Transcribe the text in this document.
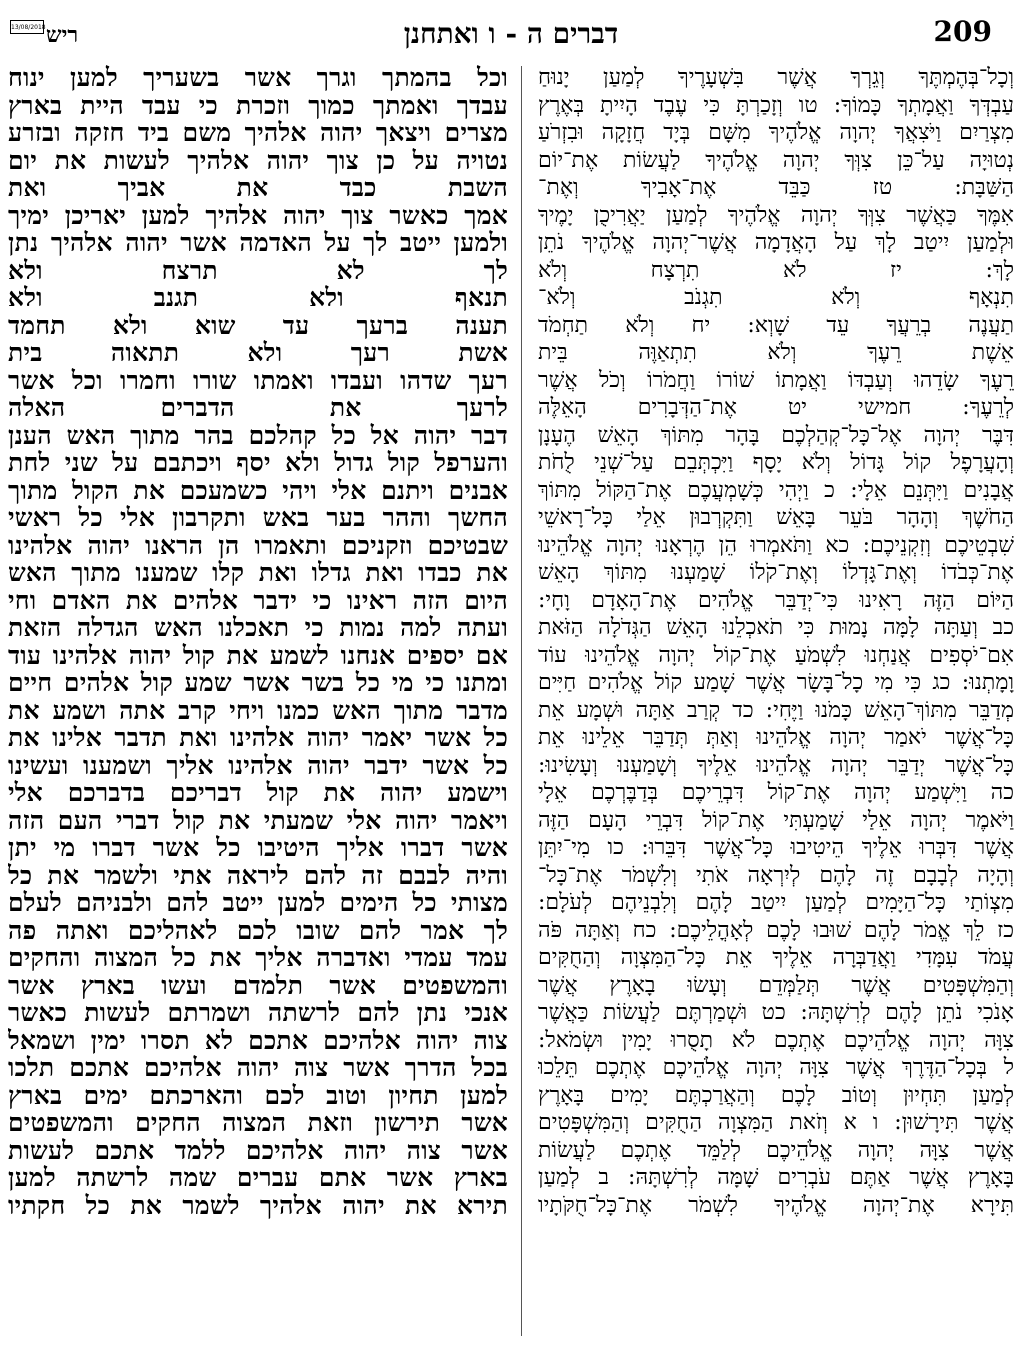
13/08/2018 ריש	דברים ה - ו ואתחנן	209
וכל בהמתך וגרך אשר בשעריך למען ינוח
עבדך ואמתך כמוך וזכרת כי עבד היית בארץ
מצרים ויצאך יהוה אלהיך משם ביד חזקה ובזרע
נטויה על כן צוך יהוה אלהיך לעשות את יום
השבת כבד את אביך ואת
אמך כאשר צוך יהוה אלהיך למען יאריכן ימיך
ולמען ייטב לך על האדמה אשר יהוה אלהיך נתן
לך לא תרצח ולא
תנאף ולא תגנב ולא
תענה ברעך עד שוא ולא תחמד
אשת רעך ולא תתאוה בית
רעך שדהו ועבדו ואמתו שורו וחמרו וכל אשר
לרעך את הדברים האלה
דבר יהוה אל כל קהלכם בהר מתוך האש הענן
והערפל קול גדול ולא יסף ויכתבם על שני לחת
אבנים ויתנם אלי ויהי כשמעכם את הקול מתוך
החשך וההר בער באש ותקרבון אלי כל ראשי
שבטיכם וזקניכם ותאמרו הן הראנו יהוה אלהינו
את כבדו ואת גדלו ואת קלו שמענו מתוך האש
היום הזה ראינו כי ידבר אלהים את האדם וחי
ועתה למה נמות כי תאכלנו האש הגדלה הזאת
אם יספים אנחנו לשמע את קול יהוה אלהינו עוד
ומתנו כי מי כל בשר אשר שמע קול אלהים חיים
מדבר מתוך האש כמנו ויחי קרב אתה ושמע את
כל אשר יאמר יהוה אלהינו ואת תדבר אלינו את
כל אשר ידבר יהוה אלהינו אליך ושמענו ועשינו
וישמע יהוה את קול דבריכם בדברכם אלי
ויאמר יהוה אלי שמעתי את קול דברי העם הזה
אשר דברו אליך היטיבו כל אשר דברו מי יתן
והיה לבבם זה להם ליראה אתי ולשמר את כל
מצותי כל הימים למען ייטב להם ולבניהם לעלם
לך אמר להם שובו לכם לאהליכם ואתה פה
עמד עמדי ואדברה אליך את כל המצוה והחקים
והמשפטים אשר תלמדם ועשו בארץ אשר
אנכי נתן להם לרשתה ושמרתם לעשות כאשר
צוה יהוה אלהיכם אתכם לא תסרו ימין ושמאל
בכל הדרך אשר צוה יהוה אלהיכם אתכם תלכו
למען תחיון וטוב לכם והארכתם ימים בארץ
אשר תירשון וזאת המצוה החקים והמשפטים
אשר צוה יהוה אלהיכם ללמד אתכם לעשות
בארץ אשר אתם עברים שמה לרשתה למען
תירא את יהוה אלהיך לשמר את כל חקתיו
וְכָל־בְּהֶמְתֶּךָ וְגֵרְךָ אֲשֶׁר בִּשְׁעָרֶיךָ לְמַעַן יָנוּחַ
עַבְדְּךָ וַאֲמָתְךָ כָּמוֹךָ: טו וְזָכַרְתָּ כִּי עֶבֶד הָיִיתָ בְּאֶרֶץ
מִצְרַיִם וַיֹּצִאֲךָ יְהוָה אֱלֹהֶיךָ מִשָּׁם בְּיָד חֲזָקָה וּבִזְרֹעַ
נְטוּיָה עַל־כֵּן צִוְּךָ יְהוָה אֱלֹהֶיךָ לַעֲשׂוֹת אֶת־יוֹם
הַשַּׁבָּת: טז כַּבֵּד אֶת־אָבִיךָ וְאֶת־
אִמֶּךָ כַּאֲשֶׁר צִוְּךָ יְהוָה אֱלֹהֶיךָ לְמַעַן יַאֲרִיכֻן יָמֶיךָ
וּלְמַעַן יִיטַב לָךְ עַל הָאֲדָמָה אֲשֶׁר־יְהוָה אֱלֹהֶיךָ נֹתֵן
לָךְ: יז לֹא תִרְצָח וְלֹא
תִנְאָף וְלֹא תִגְנֹב וְלֹא־
תַעֲנֶה בְרֵעֲךָ עֵד שָׁוְא: יח וְלֹא תַחְמֹד
אֵשֶׁת רֵעֶךָ וְלֹא תִתְאַוֶּה בֵּית
רֵעֶךָ שָׂדֵהוּ וְעַבְדּוֹ וַאֲמָתוֹ שׁוֹרוֹ וַחֲמֹרוֹ וְכֹל אֲשֶׁר
לְרֵעֶךָ: חמישי יט אֶת־הַדְּבָרִים הָאֵלֶּה
דִּבֶּר יְהוָה אֶל־כָּל־קְהַלְכֶם בָּהָר מִתּוֹךְ הָאֵשׁ הֶעָנָן
וְהָעֲרָפֶל קוֹל גָּדוֹל וְלֹא יָסָף וַיִּכְתְּבֵם עַל־שְׁנֵי לֻחֹת
אֲבָנִים וַיִּתְּנֵם אֵלָי: כ וַיְהִי כְּשָׁמְעֲכֶם אֶת־הַקּוֹל מִתּוֹךְ
הַחֹשֶׁךְ וְהָהָר בֹּעֵר בָּאֵשׁ וַתִּקְרְבוּן אֵלַי כָּל־רָאשֵׁי
שִׁבְטֵיכֶם וְזִקְנֵיכֶם: כא וַתֹּאמְרוּ הֵן הֶרְאָנוּ יְהוָה אֱלֹהֵינוּ
אֶת־כְּבֹדוֹ וְאֶת־גָּדְלוֹ וְאֶת־קֹלוֹ שָׁמַעְנוּ מִתּוֹךְ הָאֵשׁ
הַיּוֹם הַזֶּה רָאִינוּ כִּי־יְדַבֵּר אֱלֹהִים אֶת־הָאָדָם וָחָי:
כב וְעַתָּה לָמָּה נָמוּת כִּי תֹאכְלֵנוּ הָאֵשׁ הַגְּדֹלָה הַזֹּאת
אִם־יֹסְפִים אֲנַחְנוּ לִשְׁמֹעַ אֶת־קוֹל יְהוָה אֱלֹהֵינוּ עוֹד
וָמָתְנוּ: כג כִּי מִי כָל־בָּשָׂר אֲשֶׁר שָׁמַע קוֹל אֱלֹהִים חַיִּים
מְדַבֵּר מִתּוֹךְ־הָאֵשׁ כָּמֹנוּ וַיֶּחִי: כד קְרַב אַתָּה וּשְׁמָע אֵת
כָּל־אֲשֶׁר יֹאמַר יְהוָה אֱלֹהֵינוּ וְאַתְּ תְּדַבֵּר אֵלֵינוּ אֵת
כָּל־אֲשֶׁר יְדַבֵּר יְהוָה אֱלֹהֵינוּ אֵלֶיךָ וְשָׁמַעְנוּ וְעָשִׂינוּ:
כה וַיִּשְׁמַע יְהוָה אֶת־קוֹל דִּבְרֵיכֶם בְּדַבֶּרְכֶם אֵלָי
וַיֹּאמֶר יְהוָה אֵלַי שָׁמַעְתִּי אֶת־קוֹל דִּבְרֵי הָעָם הַזֶּה
אֲשֶׁר דִּבְּרוּ אֵלֶיךָ הֵיטִיבוּ כָּל־אֲשֶׁר דִּבֵּרוּ: כו מִי־יִתֵּן
וְהָיָה לְבָבָם זֶה לָהֶם לְיִרְאָה אֹתִי וְלִשְׁמֹר אֶת־כָּל־
מִצְוֹתַי כָּל־הַיָּמִים לְמַעַן יִיטַב לָהֶם וְלִבְנֵיהֶם לְעֹלָם:
כז לֵךְ אֱמֹר לָהֶם שׁוּבוּ לָכֶם לְאָהֳלֵיכֶם: כח וְאַתָּה פֹּה
עֲמֹד עִמָּדִי וַאֲדַבְּרָה אֵלֶיךָ אֵת כָּל־הַמִּצְוָה וְהַחֻקִּים
וְהַמִּשְׁפָּטִים אֲשֶׁר תְּלַמְּדֵם וְעָשׂוּ בָאָרֶץ אֲשֶׁר
אָנֹכִי נֹתֵן לָהֶם לְרִשְׁתָּהּ: כט וּשְׁמַרְתֶּם לַעֲשׂוֹת כַּאֲשֶׁר
צִוָּה יְהוָה אֱלֹהֵיכֶם אֶתְכֶם לֹא תָסֻרוּ יָמִין וּשְׂמֹאל:
ל בְּכָל־הַדֶּרֶךְ אֲשֶׁר צִוָּה יְהוָה אֱלֹהֵיכֶם אֶתְכֶם תֵּלֵכוּ
לְמַעַן תִּחְיוּן וְטוֹב לָכֶם וְהַאֲרַכְתֶּם יָמִים בָּאָרֶץ
אֲשֶׁר תִּירָשׁוּן: ו א וְזֹאת הַמִּצְוָה הַחֻקִּים וְהַמִּשְׁפָּטִים
אֲשֶׁר צִוָּה יְהוָה אֱלֹהֵיכֶם לְלַמֵּד אֶתְכֶם לַעֲשׂוֹת
בָּאָרֶץ אֲשֶׁר אַתֶּם עֹבְרִים שָׁמָּה לְרִשְׁתָּהּ: ב לְמַעַן
תִּירָא אֶת־יְהוָה אֱלֹהֶיךָ לִשְׁמֹר אֶת־כָּל־חֻקֹּתָיו
